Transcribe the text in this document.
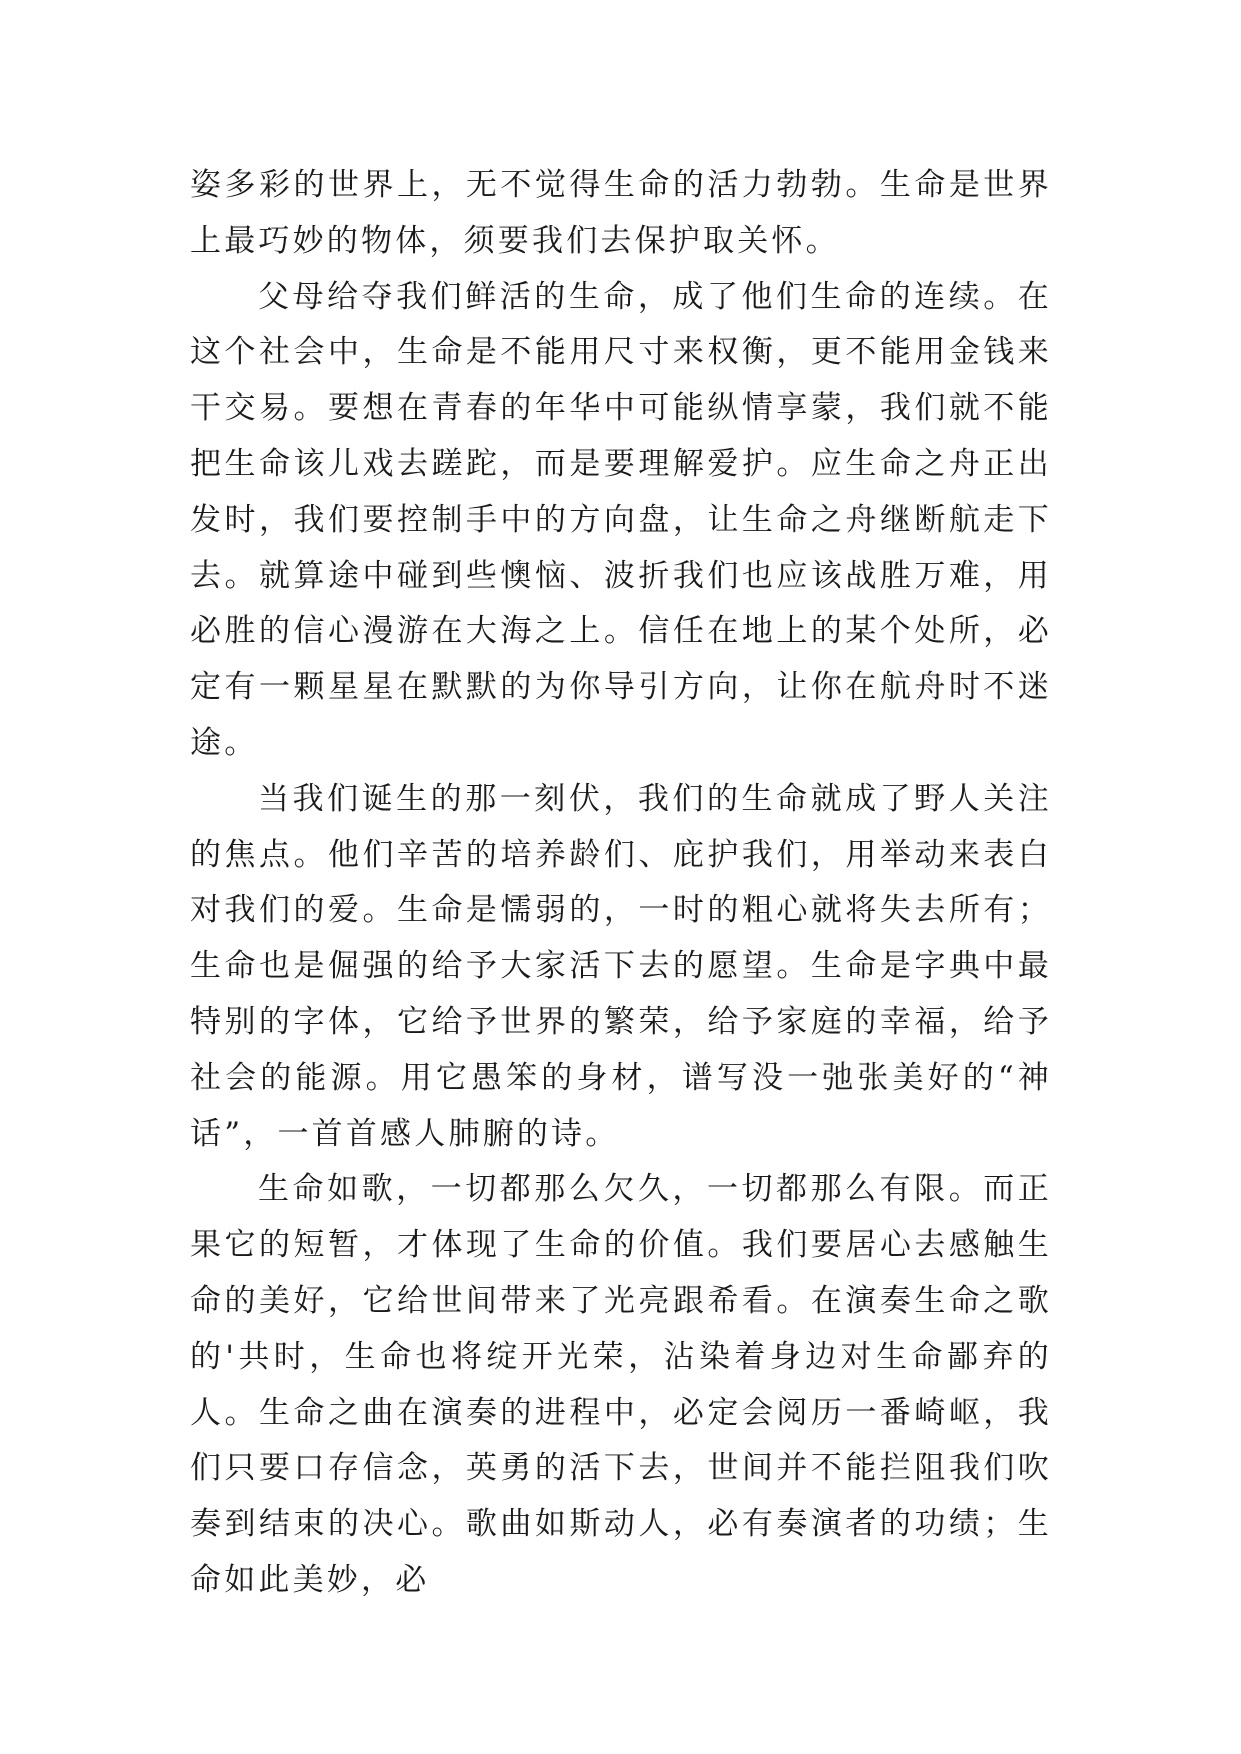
姿多彩的世界上，无不觉得生命的活力勃勃。生命是世界上最巧妙的物体，须要我们去保护取关怀。

父母给夺我们鲜活的生命，成了他们生命的连续。在这个社会中，生命是不能用尺寸来权衡，更不能用金钱来干交易。要想在青春的年华中可能纵情享蒙，我们就不能把生命该儿戏去蹉跎，而是要理解爱护。应生命之舟正出发时，我们要控制手中的方向盘，让生命之舟继断航走下去。就算途中碰到些懊恼、波折我们也应该战胜万难，用必胜的信心漫游在大海之上。信任在地上的某个处所，必定有一颗星星在默默的为你导引方向，让你在航舟时不迷途。

当我们诞生的那一刻伏，我们的生命就成了野人关注的焦点。他们辛苦的培养龄们、庇护我们，用举动来表白对我们的爱。生命是懦弱的，一时的粗心就将失去所有；生命也是倔强的给予大家活下去的愿望。生命是字典中最特别的字体，它给予世界的繁荣，给予家庭的幸福，给予社会的能源。用它愚笨的身材，谱写没一弛张美好的“神话”，一首首感人肺腑的诗。

生命如歌，一切都那么欠久，一切都那么有限。而正果它的短暂，才体现了生命的价值。我们要居心去感触生命的美好，它给世间带来了光亮跟希看。在演奏生命之歌的'共时，生命也将绽开光荣，沾染着身边对生命鄙弃的人。生命之曲在演奏的进程中，必定会阅历一番崎岖，我们只要口存信念，英勇的活下去，世间并不能拦阻我们吹奏到结束的决心。歌曲如斯动人，必有奏演者的功绩；生命如此美妙，必
